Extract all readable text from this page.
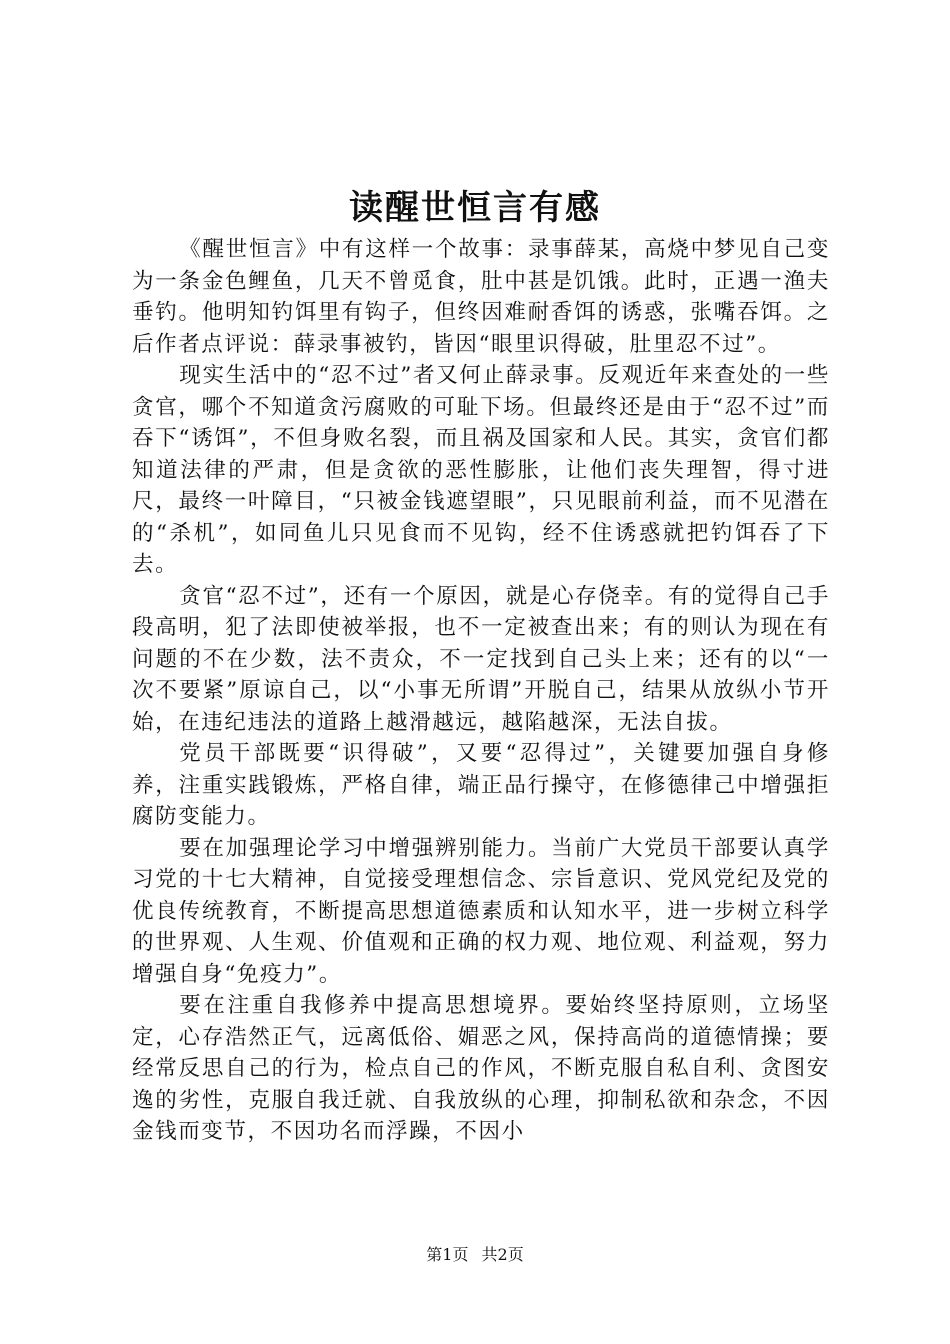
读醒世恒言有感

《醒世恒言》中有这样一个故事：录事薛某，高烧中梦见自己变为一条金色鲤鱼，几天不曾觅食，肚中甚是饥饿。此时，正遇一渔夫垂钓。他明知钓饵里有钩子，但终因难耐香饵的诱惑，张嘴吞饵。之后作者点评说：薛录事被钓，皆因“眼里识得破，肚里忍不过”。

现实生活中的“忍不过”者又何止薛录事。反观近年来查处的一些贪官，哪个不知道贪污腐败的可耻下场。但最终还是由于“忍不过”而吞下“诱饵”，不但身败名裂，而且祸及国家和人民。其实，贪官们都知道法律的严肃，但是贪欲的恶性膨胀，让他们丧失理智，得寸进尺，最终一叶障目，“只被金钱遮望眼”，只见眼前利益，而不见潜在的“杀机”，如同鱼儿只见食而不见钩，经不住诱惑就把钓饵吞了下去。

贪官“忍不过”，还有一个原因，就是心存侥幸。有的觉得自己手段高明，犯了法即使被举报，也不一定被查出来；有的则认为现在有问题的不在少数，法不责众，不一定找到自己头上来；还有的以“一次不要紧”原谅自己，以“小事无所谓”开脱自己，结果从放纵小节开始，在违纪违法的道路上越滑越远，越陷越深，无法自拔。

党员干部既要“识得破”，又要“忍得过”，关键要加强自身修养，注重实践锻炼，严格自律，端正品行操守，在修德律己中增强拒腐防变能力。

要在加强理论学习中增强辨别能力。当前广大党员干部要认真学习党的十七大精神，自觉接受理想信念、宗旨意识、党风党纪及党的优良传统教育，不断提高思想道德素质和认知水平，进一步树立科学的世界观、人生观、价值观和正确的权力观、地位观、利益观，努力增强自身“免疫力”。

要在注重自我修养中提高思想境界。要始终坚持原则，立场坚定，心存浩然正气，远离低俗、媚恶之风，保持高尚的道德情操；要经常反思自己的行为，检点自己的作风，不断克服自私自利、贪图安逸的劣性，克服自我迁就、自我放纵的心理，抑制私欲和杂念，不因金钱而变节，不因功名而浮躁，不因小

第1页 共2页
